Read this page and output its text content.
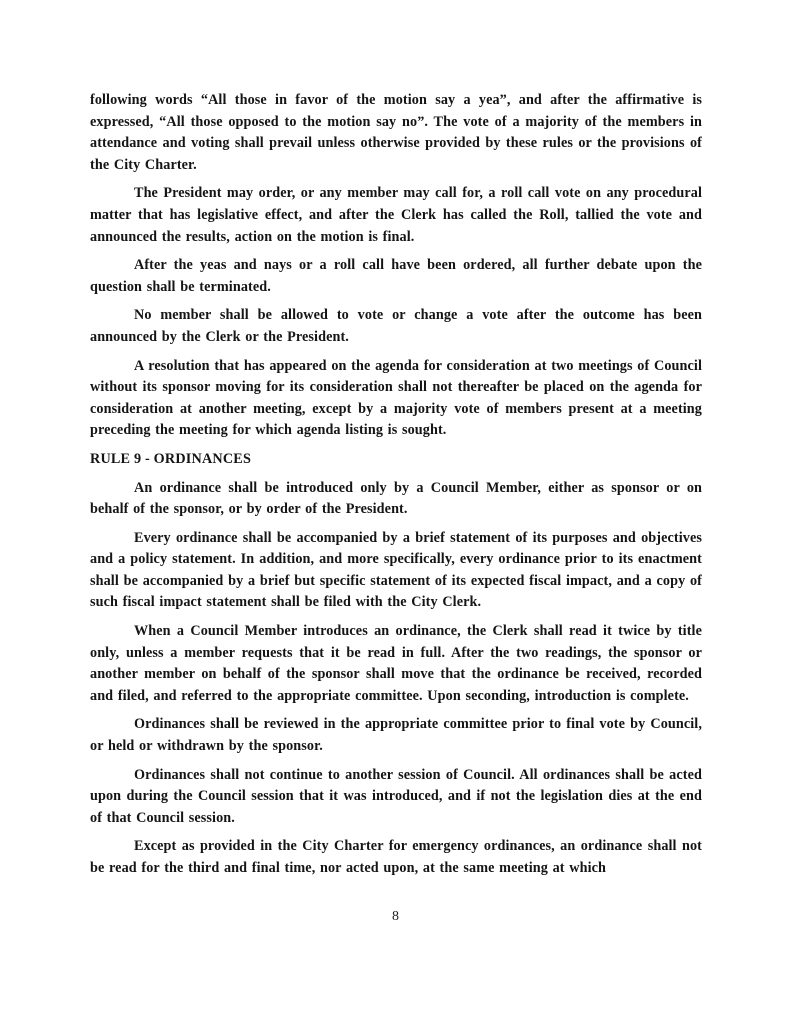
following words “All those in favor of the motion say a yea”, and after the affirmative is expressed, “All those opposed to the motion say no”. The vote of a majority of the members in attendance and voting shall prevail unless otherwise provided by these rules or the provisions of the City Charter.

The President may order, or any member may call for, a roll call vote on any procedural matter that has legislative effect, and after the Clerk has called the Roll, tallied the vote and announced the results, action on the motion is final.

After the yeas and nays or a roll call have been ordered, all further debate upon the question shall be terminated.

No member shall be allowed to vote or change a vote after the outcome has been announced by the Clerk or the President.

A resolution that has appeared on the agenda for consideration at two meetings of Council without its sponsor moving for its consideration shall not thereafter be placed on the agenda for consideration at another meeting, except by a majority vote of members present at a meeting preceding the meeting for which agenda listing is sought.

RULE 9 - ORDINANCES

An ordinance shall be introduced only by a Council Member, either as sponsor or on behalf of the sponsor, or by order of the President.

Every ordinance shall be accompanied by a brief statement of its purposes and objectives and a policy statement. In addition, and more specifically, every ordinance prior to its enactment shall be accompanied by a brief but specific statement of its expected fiscal impact, and a copy of such fiscal impact statement shall be filed with the City Clerk.

When a Council Member introduces an ordinance, the Clerk shall read it twice by title only, unless a member requests that it be read in full. After the two readings, the sponsor or another member on behalf of the sponsor shall move that the ordinance be received, recorded and filed, and referred to the appropriate committee. Upon seconding, introduction is complete.

Ordinances shall be reviewed in the appropriate committee prior to final vote by Council, or held or withdrawn by the sponsor.

Ordinances shall not continue to another session of Council. All ordinances shall be acted upon during the Council session that it was introduced, and if not the legislation dies at the end of that Council session.

Except as provided in the City Charter for emergency ordinances, an ordinance shall not be read for the third and final time, nor acted upon, at the same meeting at which

8
